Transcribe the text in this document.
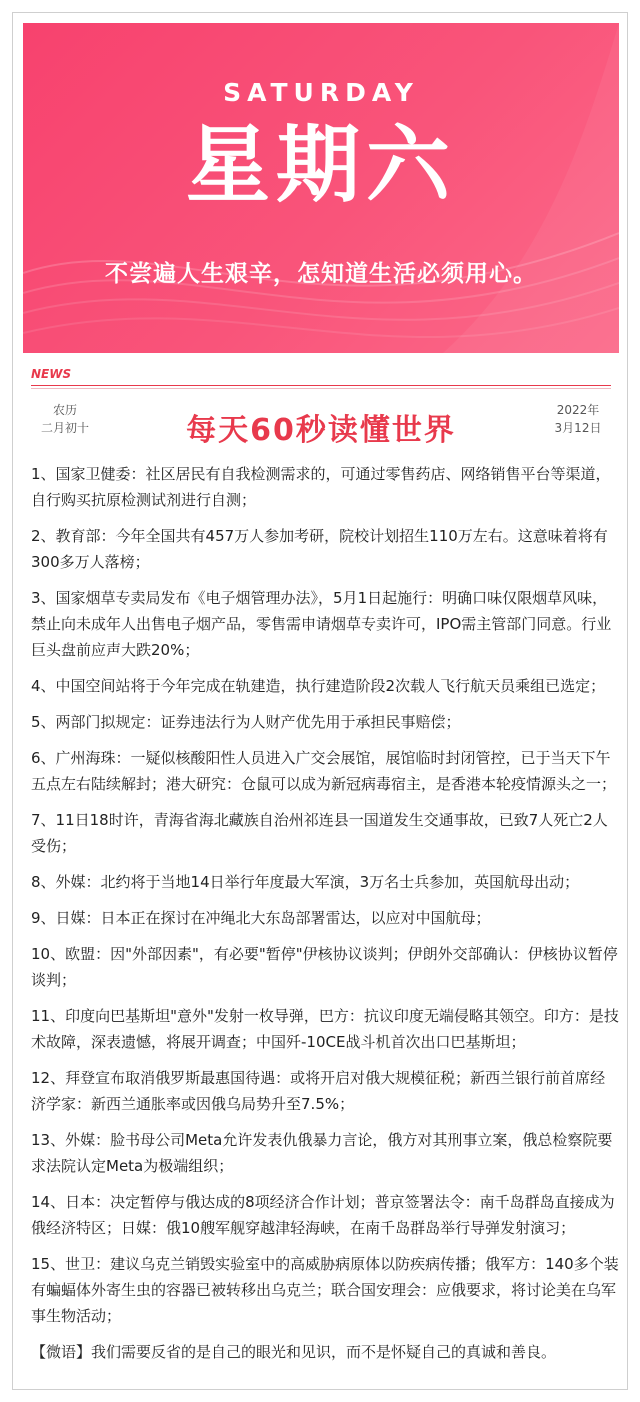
SATURDAY
星期六
不尝遍人生艰辛，怎知道生活必须用心。
NEWS
农历
二月初十	每天60秒读懂世界
2022年
3月12日

1、国家卫健委：社区居民有自我检测需求的，可通过零售药店、网络销售平台等渠道，自行购买抗原检测试剂进行自测；

2、教育部：今年全国共有457万人参加考研，院校计划招生110万左右。这意味着将有300多万人落榜；

3、国家烟草专卖局发布《电子烟管理办法》，5月1日起施行：明确口味仅限烟草风味，禁止向未成年人出售电子烟产品，零售需申请烟草专卖许可，IPO需主管部门同意。行业巨头盘前应声大跌20%；

4、中国空间站将于今年完成在轨建造，执行建造阶段2次载人飞行航天员乘组已选定；

5、两部门拟规定：证券违法行为人财产优先用于承担民事赔偿；

6、广州海珠：一疑似核酸阳性人员进入广交会展馆，展馆临时封闭管控，已于当天下午五点左右陆续解封；港大研究：仓鼠可以成为新冠病毒宿主，是香港本轮疫情源头之一；

7、11日18时许，青海省海北藏族自治州祁连县一国道发生交通事故，已致7人死亡2人受伤；

8、外媒：北约将于当地14日举行年度最大军演，3万名士兵参加，英国航母出动；

9、日媒：日本正在探讨在冲绳北大东岛部署雷达，以应对中国航母；

10、欧盟：因"外部因素"，有必要"暂停"伊核协议谈判；伊朗外交部确认：伊核协议暂停谈判；

11、印度向巴基斯坦"意外"发射一枚导弹，巴方：抗议印度无端侵略其领空。印方：是技术故障，深表遗憾，将展开调查；中国歼-10CE战斗机首次出口巴基斯坦；

12、拜登宣布取消俄罗斯最惠国待遇：或将开启对俄大规模征税；新西兰银行前首席经济学家：新西兰通胀率或因俄乌局势升至7.5%；

13、外媒：脸书母公司Meta允许发表仇俄暴力言论，俄方对其刑事立案，俄总检察院要求法院认定Meta为极端组织；

14、日本：决定暂停与俄达成的8项经济合作计划；普京签署法令：南千岛群岛直接成为俄经济特区；日媒：俄10艘军舰穿越津轻海峡，在南千岛群岛举行导弹发射演习；

15、世卫：建议乌克兰销毁实验室中的高威胁病原体以防疾病传播；俄军方：140多个装有蝙蝠体外寄生虫的容器已被转移出乌克兰；联合国安理会：应俄要求，将讨论美在乌军事生物活动；

【微语】我们需要反省的是自己的眼光和见识，而不是怀疑自己的真诚和善良。
